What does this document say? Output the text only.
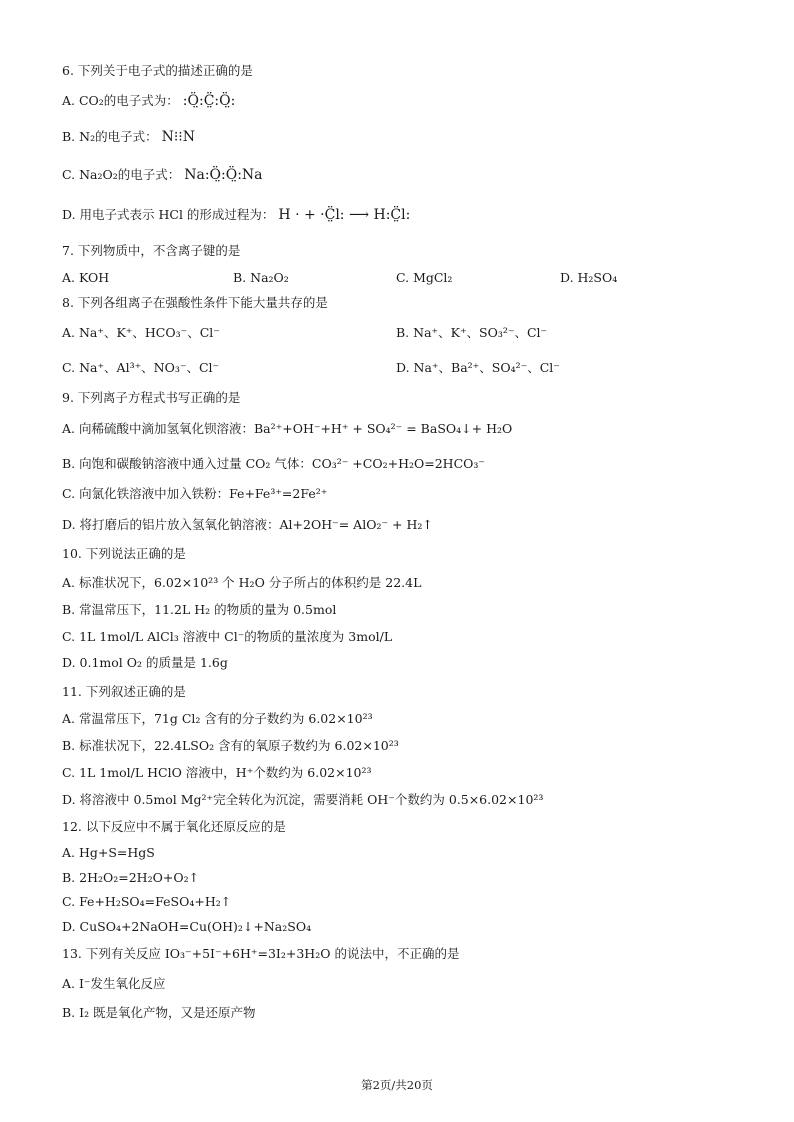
6. 下列关于电子式的描述正确的是
A. CO₂的电子式为： :Ö̤:C̤̈:Ö̤:
B. N₂的电子式： N⁝⁝N
C. Na₂O₂的电子式： Na:Ö̤:Ö̤:Na
D. 用电子式表示 HCl 的形成过程为： H · + ·C̤̈l: ⟶ H:C̤̈l:
7. 下列物质中，不含离子键的是
A. KOH	B. Na₂O₂	C. MgCl₂	D. H₂SO₄
8. 下列各组离子在强酸性条件下能大量共存的是
A. Na⁺、K⁺、HCO₃⁻、Cl⁻	B. Na⁺、K⁺、SO₃²⁻、Cl⁻
C. Na⁺、Al³⁺、NO₃⁻、Cl⁻	D. Na⁺、Ba²⁺、SO₄²⁻、Cl⁻
9. 下列离子方程式书写正确的是
A. 向稀硫酸中滴加氢氧化钡溶液：Ba²⁺+OH⁻+H⁺ + SO₄²⁻ = BaSO₄↓+ H₂O
B. 向饱和碳酸钠溶液中通入过量 CO₂ 气体：CO₃²⁻ +CO₂+H₂O=2HCO₃⁻
C. 向氯化铁溶液中加入铁粉：Fe+Fe³⁺=2Fe²⁺
D. 将打磨后的铝片放入氢氧化钠溶液：Al+2OH⁻= AlO₂⁻ + H₂↑
10. 下列说法正确的是
A. 标准状况下，6.02×10²³ 个 H₂O 分子所占的体积约是 22.4L
B. 常温常压下，11.2L H₂ 的物质的量为 0.5mol
C. 1L 1mol/L AlCl₃ 溶液中 Cl⁻的物质的量浓度为 3mol/L
D. 0.1mol O₂ 的质量是 1.6g
11. 下列叙述正确的是
A. 常温常压下，71g Cl₂ 含有的分子数约为 6.02×10²³
B. 标准状况下，22.4LSO₂ 含有的氧原子数约为 6.02×10²³
C. 1L 1mol/L HClO 溶液中，H⁺个数约为 6.02×10²³
D. 将溶液中 0.5mol Mg²⁺完全转化为沉淀，需要消耗 OH⁻个数约为 0.5×6.02×10²³
12. 以下反应中不属于氧化还原反应的是
A. Hg+S=HgS
B. 2H₂O₂=2H₂O+O₂↑
C. Fe+H₂SO₄=FeSO₄+H₂↑
D. CuSO₄+2NaOH=Cu(OH)₂↓+Na₂SO₄
13. 下列有关反应 IO₃⁻+5I⁻+6H⁺=3I₂+3H₂O 的说法中，不正确的是
A. I⁻发生氧化反应
B. I₂ 既是氧化产物，又是还原产物
第2页/共20页
